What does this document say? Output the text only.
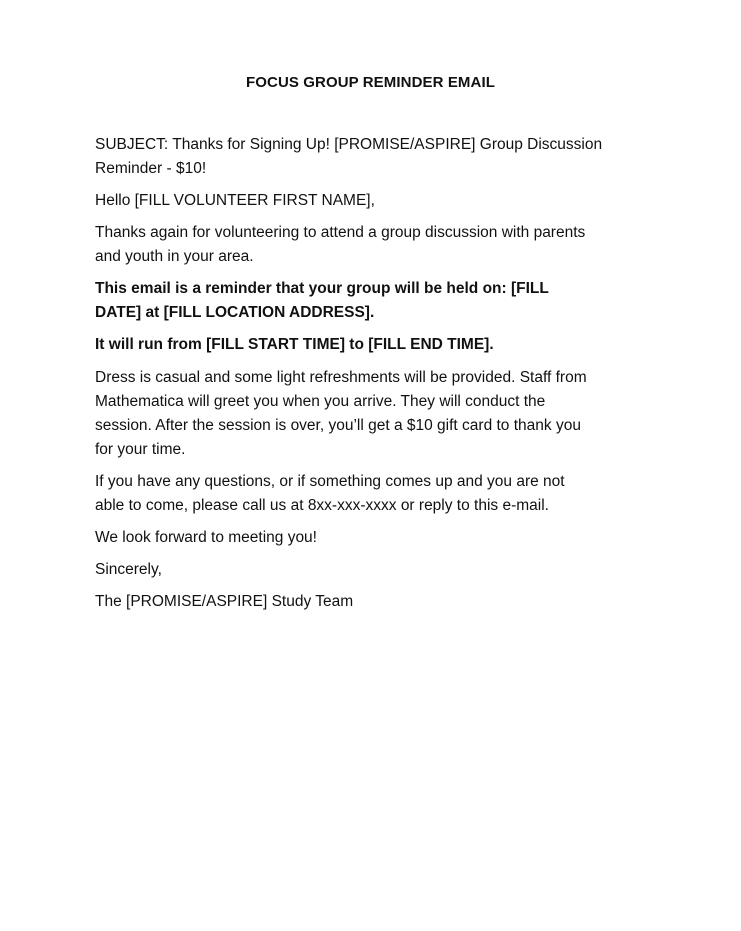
FOCUS GROUP REMINDER EMAIL

SUBJECT: Thanks for Signing Up! [PROMISE/ASPIRE] Group Discussion
Reminder - $10!

Hello [FILL VOLUNTEER FIRST NAME],

Thanks again for volunteering to attend a group discussion with parents
and youth in your area.

This email is a reminder that your group will be held on: [FILL
DATE] at [FILL LOCATION ADDRESS].

It will run from [FILL START TIME] to [FILL END TIME].

Dress is casual and some light refreshments will be provided. Staff from
Mathematica will greet you when you arrive. They will conduct the
session. After the session is over, you’ll get a $10 gift card to thank you
for your time.

If you have any questions, or if something comes up and you are not
able to come, please call us at 8xx-xxx-xxxx or reply to this e-mail.

We look forward to meeting you!

Sincerely,

The [PROMISE/ASPIRE] Study Team
